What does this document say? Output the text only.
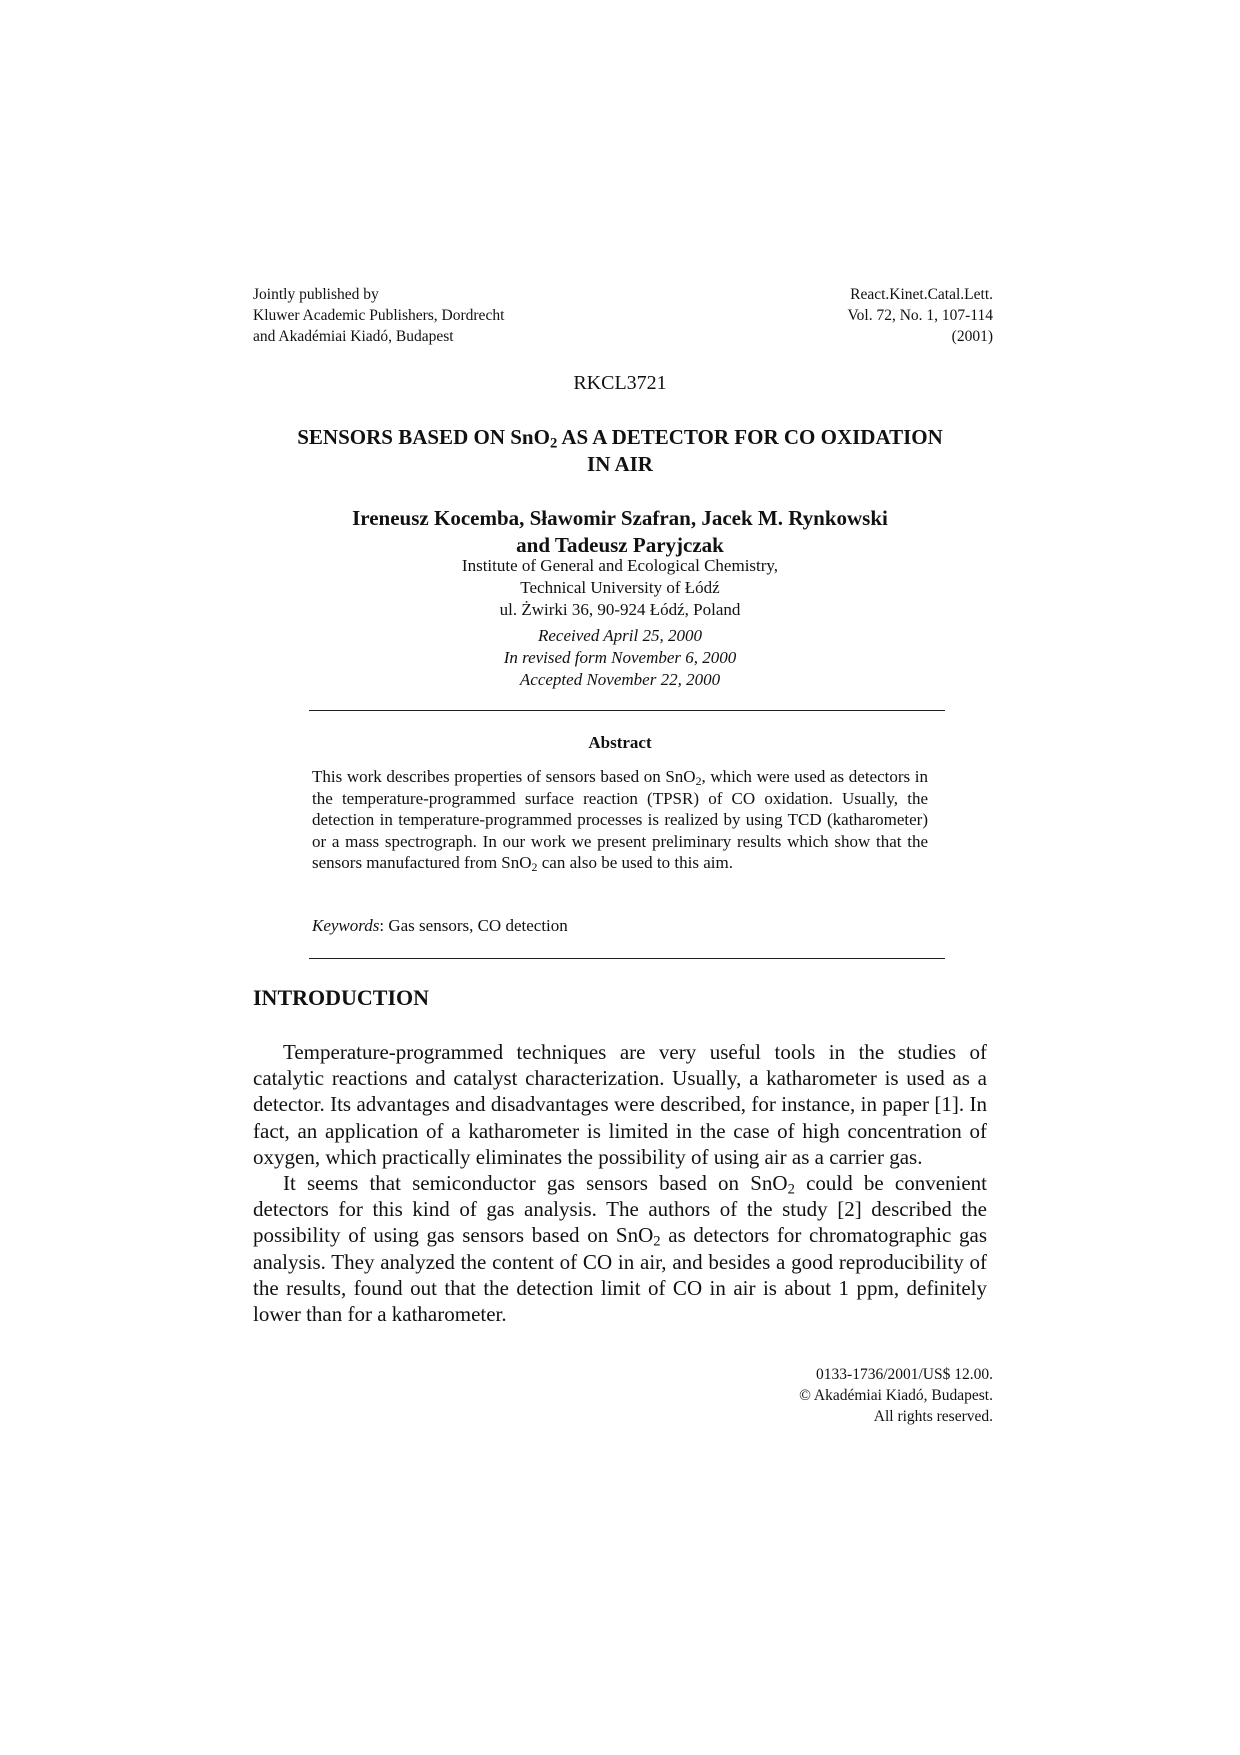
Jointly published by
Kluwer Academic Publishers, Dordrecht
and Akadémiai Kiadó, Budapest
React.Kinet.Catal.Lett.
Vol. 72, No. 1, 107-114
(2001)
RKCL3721
SENSORS BASED ON SnO$_2$ AS A DETECTOR FOR CO OXIDATION
IN AIR
Ireneusz Kocemba, Sławomir Szafran, Jacek M. Rynkowski
and Tadeusz Paryjczak
Institute of General and Ecological Chemistry,
Technical University of Łódź
ul. Żwirki 36, 90-924 Łódź, Poland
Received April 25, 2000
In revised form November 6, 2000
Accepted November 22, 2000
Abstract
This work describes properties of sensors based on SnO$_2$, which were used as detectors in the temperature-programmed surface reaction (TPSR) of CO oxidation. Usually, the detection in temperature-programmed processes is realized by using TCD (katharometer) or a mass spectrograph. In our work we present preliminary results which show that the sensors manufactured from SnO$_2$ can also be used to this aim.
Keywords: Gas sensors, CO detection
INTRODUCTION

Temperature-programmed techniques are very useful tools in the studies of catalytic reactions and catalyst characterization. Usually, a katharometer is used as a detector. Its advantages and disadvantages were described, for instance, in paper [1]. In fact, an application of a katharometer is limited in the case of high concentration of oxygen, which practically eliminates the possibility of using air as a carrier gas.

It seems that semiconductor gas sensors based on SnO$_2$ could be convenient detectors for this kind of gas analysis. The authors of the study [2] described the possibility of using gas sensors based on SnO$_2$ as detectors for chromatographic gas analysis. They analyzed the content of CO in air, and besides a good reproducibility of the results, found out that the detection limit of CO in air is about 1 ppm, definitely lower than for a katharometer.

0133-1736/2001/US$ 12.00.
© Akadémiai Kiadó, Budapest.
All rights reserved.
